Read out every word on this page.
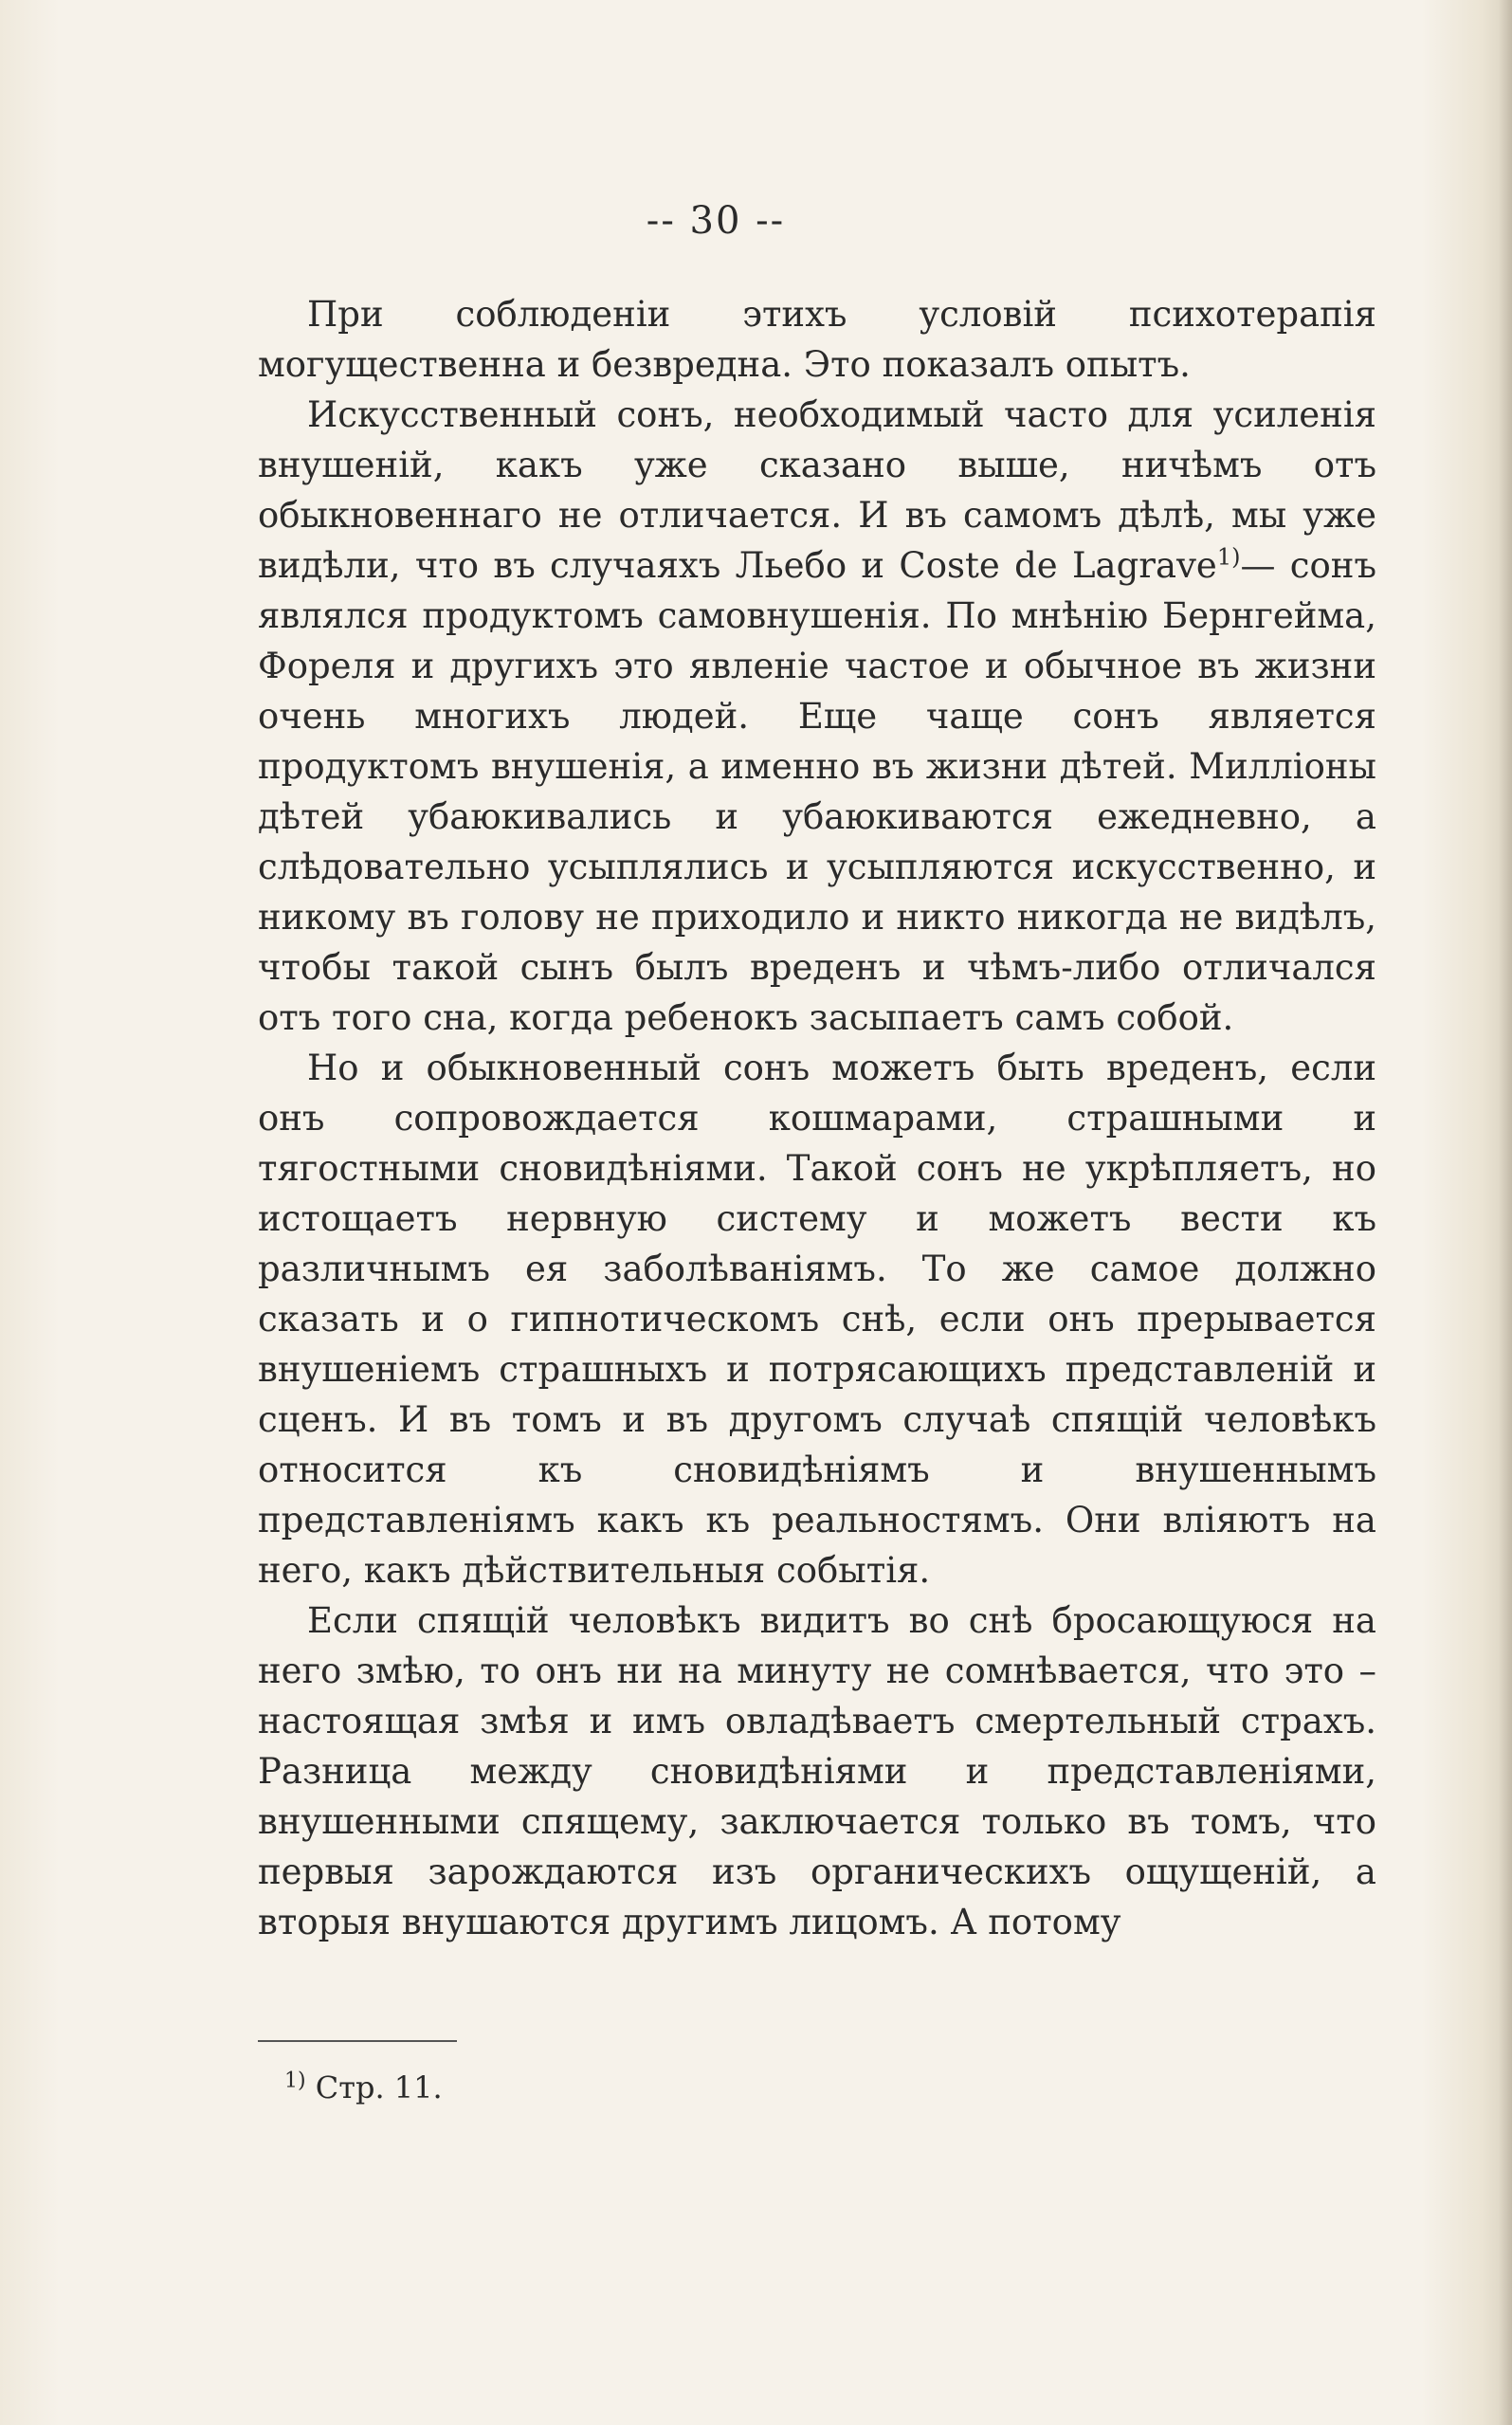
-- 30 --

При соблюденіи этихъ условій психотерапія могущественна и безвредна. Это показалъ опытъ.

Искусственный сонъ, необходимый часто для усиленія внушеній, какъ уже сказано выше, ничѣмъ отъ обыкновеннаго не отличается. И въ самомъ дѣлѣ, мы уже видѣли, что въ случаяхъ Льебо и Coste de Lagrave$^{1)}$— сонъ являлся продуктомъ самовнушенія. По мнѣнію Бернгейма, Фореля и другихъ это явленіе частое и обычное въ жизни очень многихъ людей. Еще чаще сонъ является продуктомъ внушенія, а именно въ жизни дѣтей. Милліоны дѣтей убаюкивались и убаюкиваются ежедневно, а слѣдовательно усыплялись и усыпляются искусственно, и никому въ голову не приходило и никто никогда не видѣлъ, чтобы такой сынъ былъ вреденъ и чѣмъ-либо отличался отъ того сна, когда ребенокъ засыпаетъ самъ собой.

Но и обыкновенный сонъ можетъ быть вреденъ, если онъ сопровождается кошмарами, страшными и тягостными сновидѣніями. Такой сонъ не укрѣпляетъ, но истощаетъ нервную систему и можетъ вести къ различнымъ ея заболѣваніямъ. То же самое должно сказать и о гипнотическомъ снѣ, если онъ прерывается внушеніемъ страшныхъ и потрясающихъ представленій и сценъ. И въ томъ и въ другомъ случаѣ спящій человѣкъ относится къ сновидѣніямъ и внушеннымъ представленіямъ какъ къ реальностямъ. Они вліяютъ на него, какъ дѣйствительныя событія.

Если спящій человѣкъ видитъ во снѣ бросающуюся на него змѣю, то онъ ни на минуту не сомнѣвается, что это – настоящая змѣя и имъ овладѣваетъ смертельный страхъ. Разница между сновидѣніями и представленіями, внушенными спящему, заключается только въ томъ, что первыя зарождаются изъ органическихъ ощущеній, а вторыя внушаются другимъ лицомъ. А потому

$^{1)}$ Стр. 11.
